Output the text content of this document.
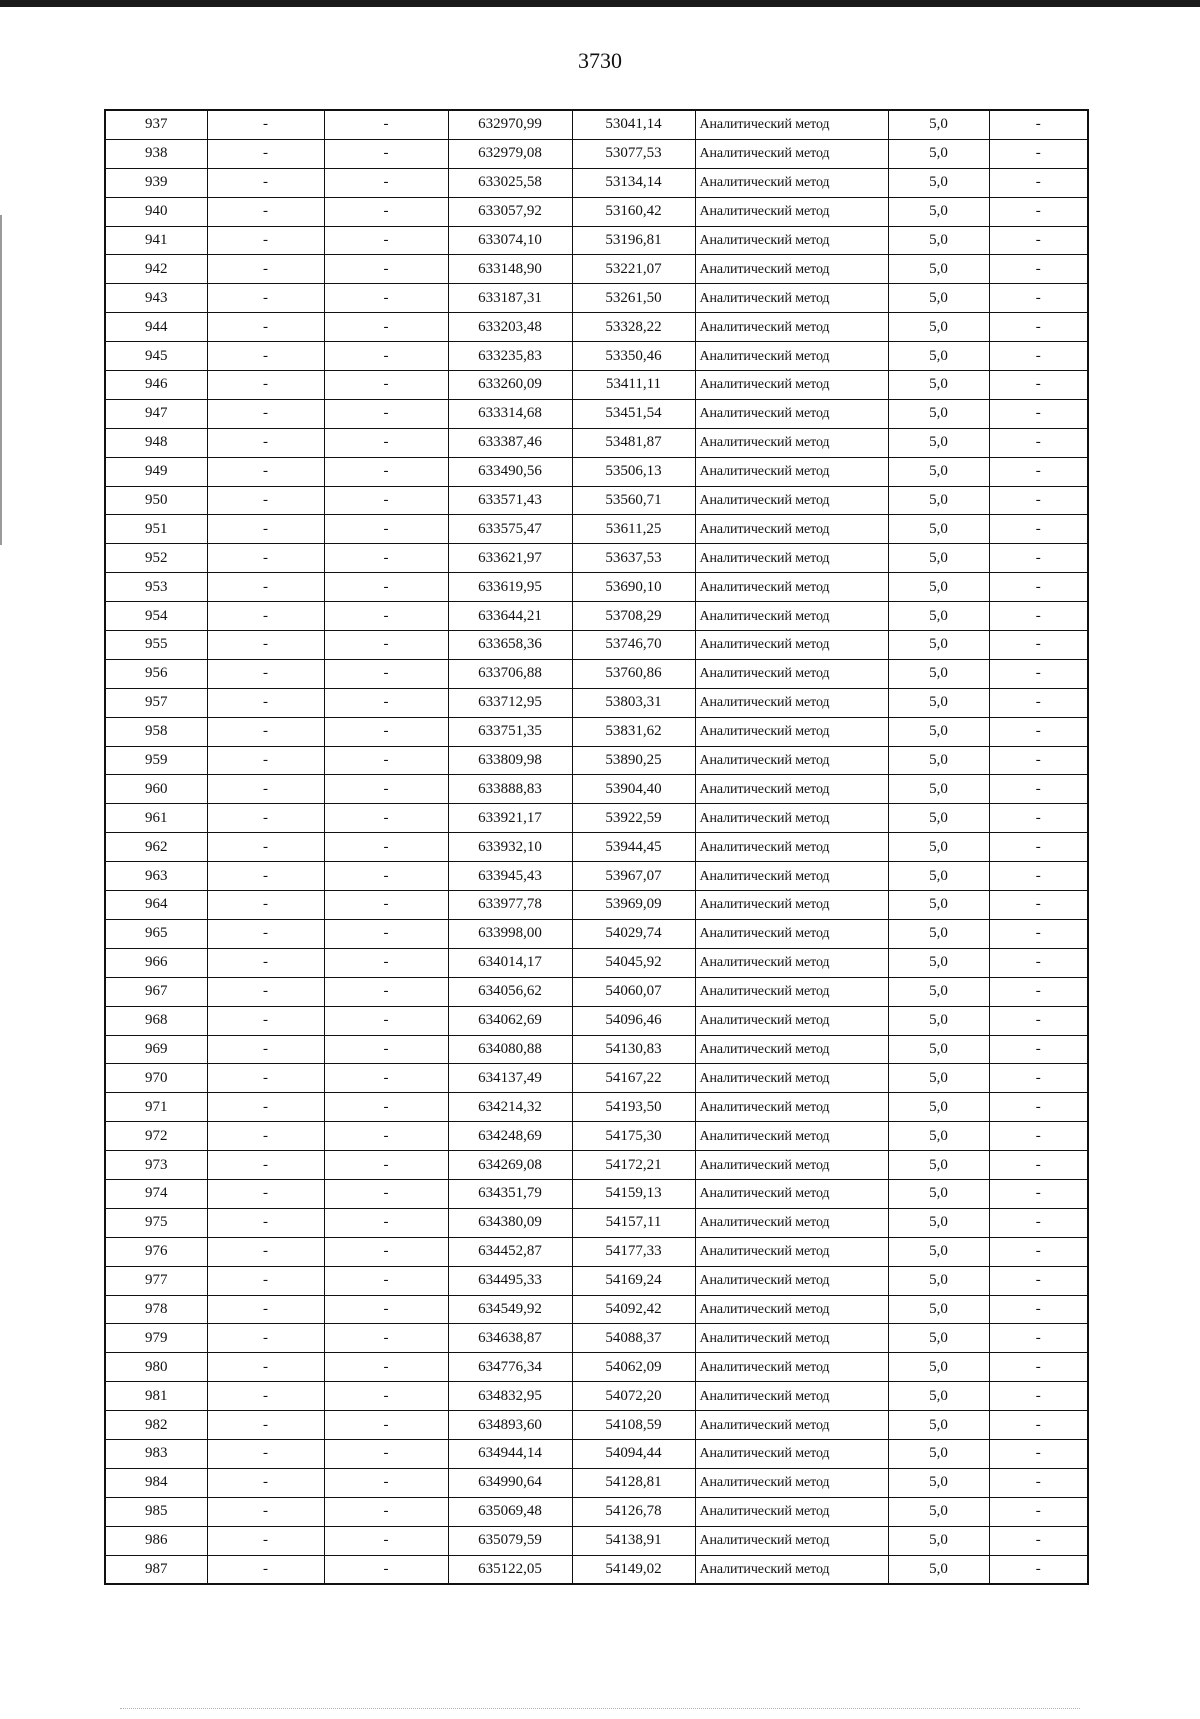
3730
937	-	-	632970,99	53041,14	Аналитический метод	5,0	-
938	-	-	632979,08	53077,53	Аналитический метод	5,0	-
939	-	-	633025,58	53134,14	Аналитический метод	5,0	-
940	-	-	633057,92	53160,42	Аналитический метод	5,0	-
941	-	-	633074,10	53196,81	Аналитический метод	5,0	-
942	-	-	633148,90	53221,07	Аналитический метод	5,0	-
943	-	-	633187,31	53261,50	Аналитический метод	5,0	-
944	-	-	633203,48	53328,22	Аналитический метод	5,0	-
945	-	-	633235,83	53350,46	Аналитический метод	5,0	-
946	-	-	633260,09	53411,11	Аналитический метод	5,0	-
947	-	-	633314,68	53451,54	Аналитический метод	5,0	-
948	-	-	633387,46	53481,87	Аналитический метод	5,0	-
949	-	-	633490,56	53506,13	Аналитический метод	5,0	-
950	-	-	633571,43	53560,71	Аналитический метод	5,0	-
951	-	-	633575,47	53611,25	Аналитический метод	5,0	-
952	-	-	633621,97	53637,53	Аналитический метод	5,0	-
953	-	-	633619,95	53690,10	Аналитический метод	5,0	-
954	-	-	633644,21	53708,29	Аналитический метод	5,0	-
955	-	-	633658,36	53746,70	Аналитический метод	5,0	-
956	-	-	633706,88	53760,86	Аналитический метод	5,0	-
957	-	-	633712,95	53803,31	Аналитический метод	5,0	-
958	-	-	633751,35	53831,62	Аналитический метод	5,0	-
959	-	-	633809,98	53890,25	Аналитический метод	5,0	-
960	-	-	633888,83	53904,40	Аналитический метод	5,0	-
961	-	-	633921,17	53922,59	Аналитический метод	5,0	-
962	-	-	633932,10	53944,45	Аналитический метод	5,0	-
963	-	-	633945,43	53967,07	Аналитический метод	5,0	-
964	-	-	633977,78	53969,09	Аналитический метод	5,0	-
965	-	-	633998,00	54029,74	Аналитический метод	5,0	-
966	-	-	634014,17	54045,92	Аналитический метод	5,0	-
967	-	-	634056,62	54060,07	Аналитический метод	5,0	-
968	-	-	634062,69	54096,46	Аналитический метод	5,0	-
969	-	-	634080,88	54130,83	Аналитический метод	5,0	-
970	-	-	634137,49	54167,22	Аналитический метод	5,0	-
971	-	-	634214,32	54193,50	Аналитический метод	5,0	-
972	-	-	634248,69	54175,30	Аналитический метод	5,0	-
973	-	-	634269,08	54172,21	Аналитический метод	5,0	-
974	-	-	634351,79	54159,13	Аналитический метод	5,0	-
975	-	-	634380,09	54157,11	Аналитический метод	5,0	-
976	-	-	634452,87	54177,33	Аналитический метод	5,0	-
977	-	-	634495,33	54169,24	Аналитический метод	5,0	-
978	-	-	634549,92	54092,42	Аналитический метод	5,0	-
979	-	-	634638,87	54088,37	Аналитический метод	5,0	-
980	-	-	634776,34	54062,09	Аналитический метод	5,0	-
981	-	-	634832,95	54072,20	Аналитический метод	5,0	-
982	-	-	634893,60	54108,59	Аналитический метод	5,0	-
983	-	-	634944,14	54094,44	Аналитический метод	5,0	-
984	-	-	634990,64	54128,81	Аналитический метод	5,0	-
985	-	-	635069,48	54126,78	Аналитический метод	5,0	-
986	-	-	635079,59	54138,91	Аналитический метод	5,0	-
987	-	-	635122,05	54149,02	Аналитический метод	5,0	-
